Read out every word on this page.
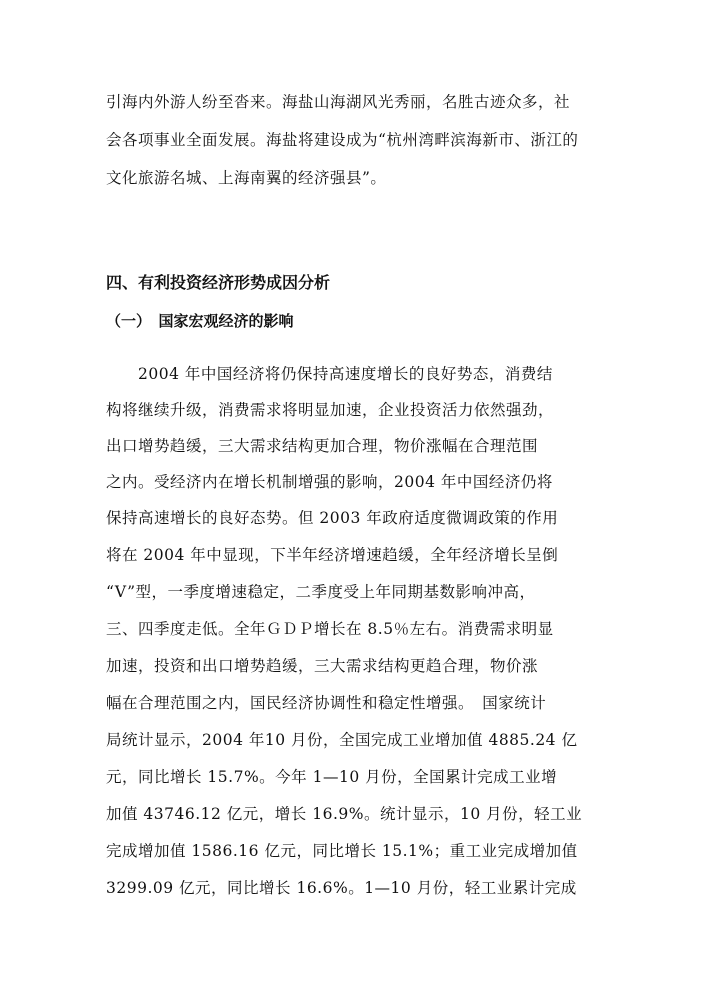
引海内外游人纷至沓来。海盐山海湖风光秀丽，名胜古迹众多，社
会各项事业全面发展。海盐将建设成为“杭州湾畔滨海新市、浙江的
文化旅游名城、上海南翼的经济强县”。
四、有利投资经济形势成因分析
（一）　国家宏观经济的影响
　　2004 年中国经济将仍保持高速度增长的良好势态，消费结
构将继续升级，消费需求将明显加速，企业投资活力依然强劲，
出口增势趋缓，三大需求结构更加合理，物价涨幅在合理范围
之内。受经济内在增长机制增强的影响，2004 年中国经济仍将
保持高速增长的良好态势。但 2003 年政府适度微调政策的作用
将在 2004 年中显现，下半年经济增速趋缓，全年经济增长呈倒
“V”型，一季度增速稳定，二季度受上年同期基数影响冲高，
三、四季度走低。全年ＧＤＰ增长在 8.5％左右。消费需求明显
加速，投资和出口增势趋缓，三大需求结构更趋合理，物价涨
幅在合理范围之内，国民经济协调性和稳定性增强。　国家统计
局统计显示，2004 年10 月份，全国完成工业增加值 4885.24 亿
元，同比增长 15.7%。今年 1—10 月份，全国累计完成工业增
加值 43746.12 亿元，增长 16.9%。统计显示，10 月份，轻工业
完成增加值 1586.16 亿元，同比增长 15.1%；重工业完成增加值
3299.09 亿元，同比增长 16.6%。1—10 月份，轻工业累计完成
